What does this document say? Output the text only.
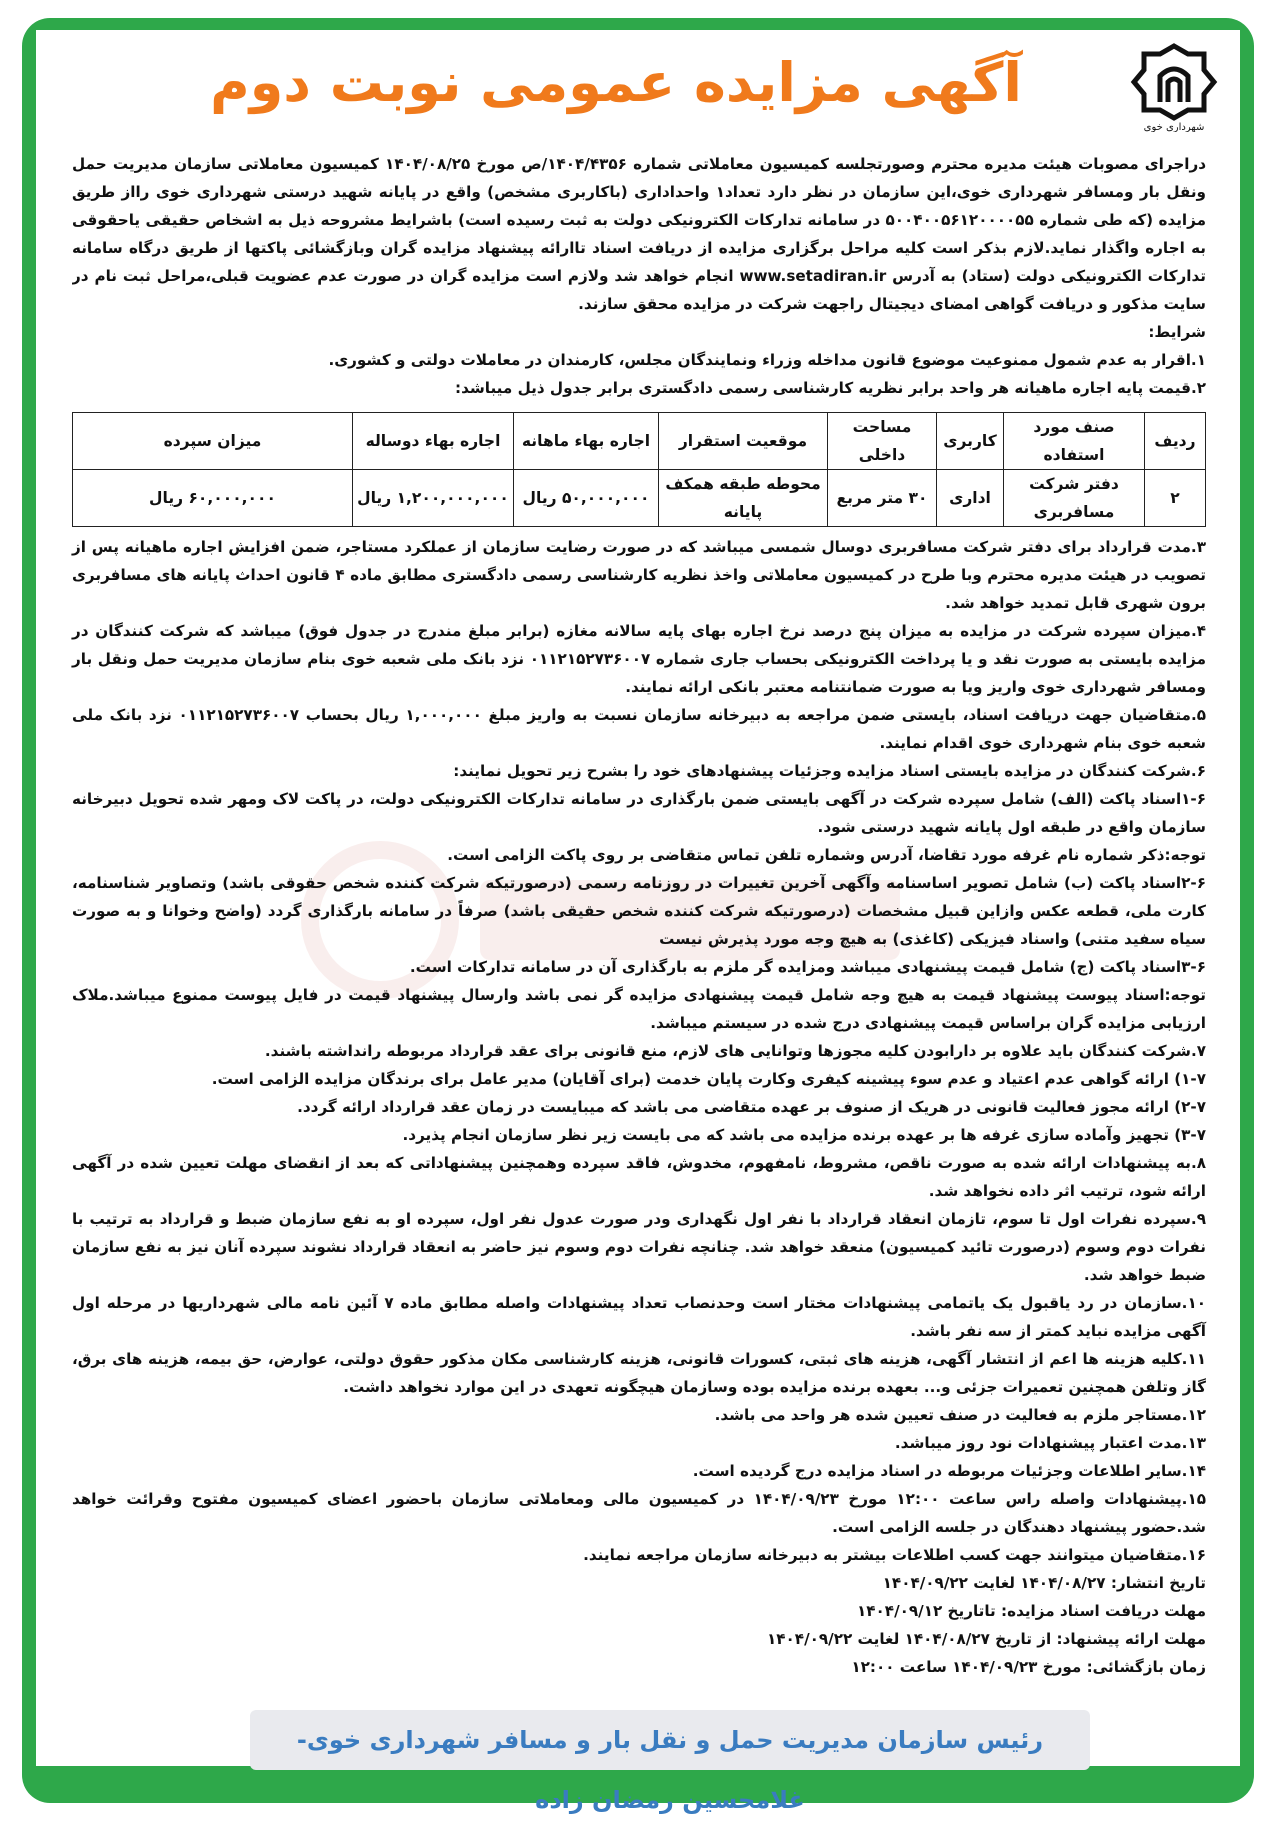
شهرداری خوی
آگهی مزایده عمومی نوبت دوم

دراجرای مصوبات هیئت مدیره محترم وصورتجلسه کمیسیون معاملاتی شماره ۱۴۰۴/۴۳۵۶/ص مورخ ۱۴۰۴/۰۸/۲۵ کمیسیون معاملاتی سازمان مدیریت حمل ونقل بار ومسافر شهرداری خوی،این سازمان در نظر دارد تعداد۱ واحداداری (باکاربری مشخص) واقع در پایانه شهید درستی شهرداری خوی رااز طریق مزایده (که طی شماره ۵۰۰۴۰۰۵۶۱۲۰۰۰۰۵۵ در سامانه تدارکات الکترونیکی دولت به ثبت رسیده است) باشرایط مشروحه ذیل به اشخاص حقیقی یاحقوقی به اجاره واگذار نماید.لازم بذکر است کلیه مراحل برگزاری مزایده از دریافت اسناد تاارائه پیشنهاد مزایده گران وبازگشائی پاکتها از طریق درگاه سامانه تدارکات الکترونیکی دولت (ستاد) به آدرس www.setadiran.ir انجام خواهد شد ولازم است مزایده گران در صورت عدم عضویت قبلی،مراحل ثبت نام در سایت مذکور و دریافت گواهی امضای دیجیتال راجهت شرکت در مزایده محقق سازند.

شرایط:

۱.اقرار به عدم شمول ممنوعیت موضوع قانون مداخله وزراء ونمایندگان مجلس، کارمندان در معاملات دولتی و کشوری.

۲.قیمت پایه اجاره ماهیانه هر واحد برابر نظریه کارشناسی رسمی دادگستری برابر جدول ذیل میباشد:

ردیف	صنف مورد استفاده	کاربری	مساحت داخلی	موقعیت استقرار	اجاره بهاء ماهانه	اجاره بهاء دوساله	میزان سپرده
۲	دفتر شرکت مسافربری	اداری	۳۰ متر مربع	محوطه طبقه همکف پایانه	۵۰,۰۰۰,۰۰۰ ریال	۱,۲۰۰,۰۰۰,۰۰۰ ریال	۶۰,۰۰۰,۰۰۰ ریال

۳.مدت قرارداد برای دفتر شرکت مسافربری دوسال شمسی میباشد که در صورت رضایت سازمان از عملکرد مستاجر، ضمن افزایش اجاره ماهیانه پس از تصویب در هیئت مدیره محترم وبا طرح در کمیسیون معاملاتی واخذ نظریه کارشناسی رسمی دادگستری مطابق ماده ۴ قانون احداث پایانه های مسافربری برون شهری قابل تمدید خواهد شد.

۴.میزان سپرده شرکت در مزایده به میزان پنج درصد نرخ اجاره بهای پایه سالانه مغازه (برابر مبلغ مندرج در جدول فوق) میباشد که شرکت کنندگان در مزایده بایستی به صورت نقد و یا پرداخت الکترونیکی بحساب جاری شماره ۰۱۱۲۱۵۲۷۳۶۰۰۷ نزد بانک ملی شعبه خوی بنام سازمان مدیریت حمل ونقل بار ومسافر شهرداری خوی واریز ویا به صورت ضمانتنامه معتبر بانکی ارائه نمایند.

۵.متقاضیان جهت دریافت اسناد، بایستی ضمن مراجعه به دبیرخانه سازمان نسبت به واریز مبلغ ۱,۰۰۰,۰۰۰ ریال بحساب ۰۱۱۲۱۵۲۷۳۶۰۰۷ نزد بانک ملی شعبه خوی بنام شهرداری خوی اقدام نمایند.

۶.شرکت کنندگان در مزایده بایستی اسناد مزایده وجزئیات پیشنهادهای خود را بشرح زیر تحویل نمایند:

۱-۶اسناد پاکت (الف) شامل سپرده شرکت در آگهی بایستی ضمن بارگذاری در سامانه تدارکات الکترونیکی دولت، در پاکت لاک ومهر شده تحویل دبیرخانه سازمان واقع در طبقه اول پایانه شهید درستی شود.

توجه:ذکر شماره نام غرفه مورد تقاضا، آدرس وشماره تلفن تماس متقاضی بر روی پاکت الزامی است.

۲-۶اسناد پاکت (ب) شامل تصویر اساسنامه وآگهی آخرین تغییرات در روزنامه رسمی (درصورتیکه شرکت کننده شخص حقوقی باشد) وتصاویر شناسنامه، کارت ملی، قطعه عکس وازاین قبیل مشخصات (درصورتیکه شرکت کننده شخص حقیقی باشد) صرفاً در سامانه بارگذاری گردد (واضح وخوانا و به صورت سیاه سفید متنی) واسناد فیزیکی (کاغذی) به هیچ وجه مورد پذیرش نیست

۳-۶اسناد پاکت (ج) شامل قیمت پیشنهادی میباشد ومزایده گر ملزم به بارگذاری آن در سامانه تدارکات است.

توجه:اسناد پیوست پیشنهاد قیمت به هیچ وجه شامل قیمت پیشنهادی مزایده گر نمی باشد وارسال پیشنهاد قیمت در فایل پیوست ممنوع میباشد.ملاک ارزیابی مزایده گران براساس قیمت پیشنهادی درج شده در سیستم میباشد.

۷.شرکت کنندگان باید علاوه بر دارابودن کلیه مجوزها وتوانایی های لازم، منع قانونی برای عقد قرارداد مربوطه رانداشته باشند.

۱-۷) ارائه گواهی عدم اعتیاد و عدم سوء پیشینه کیفری وکارت پایان خدمت (برای آقایان) مدیر عامل برای برندگان مزایده الزامی است.

۲-۷) ارائه مجوز فعالیت قانونی در هریک از صنوف بر عهده متقاضی می باشد که میبایست در زمان عقد قرارداد ارائه گردد.

۳-۷) تجهیز وآماده سازی غرفه ها بر عهده برنده مزایده می باشد که می بایست زیر نظر سازمان انجام پذیرد.

۸.به پیشنهادات ارائه شده به صورت ناقص، مشروط، نامفهوم، مخدوش، فاقد سپرده وهمچنین پیشنهاداتی که بعد از انقضای مهلت تعیین شده در آگهی ارائه شود، ترتیب اثر داده نخواهد شد.

۹.سپرده نفرات اول تا سوم، تازمان انعقاد قرارداد با نفر اول نگهداری ودر صورت عدول نفر اول، سپرده او به نفع سازمان ضبط و قرارداد به ترتیب با نفرات دوم وسوم (درصورت تائید کمیسیون) منعقد خواهد شد. چنانچه نفرات دوم وسوم نیز حاضر به انعقاد قرارداد نشوند سپرده آنان نیز به نفع سازمان ضبط خواهد شد.

۱۰.سازمان در رد یاقبول یک یاتمامی پیشنهادات مختار است وحدنصاب تعداد پیشنهادات واصله مطابق ماده ۷ آئین نامه مالی شهرداریها در مرحله اول آگهی مزایده نباید کمتر از سه نفر باشد.

۱۱.کلیه هزینه ها اعم از انتشار آگهی، هزینه های ثبتی، کسورات قانونی، هزینه کارشناسی مکان مذکور حقوق دولتی، عوارض، حق بیمه، هزینه های برق، گاز وتلفن همچنین تعمیرات جزئی و... بعهده برنده مزایده بوده وسازمان هیچگونه تعهدی در این موارد نخواهد داشت.

۱۲.مستاجر ملزم به فعالیت در صنف تعیین شده هر واحد می باشد.

۱۳.مدت اعتبار پیشنهادات نود روز میباشد.

۱۴.سایر اطلاعات وجزئیات مربوطه در اسناد مزایده درج گردیده است.

۱۵.پیشنهادات واصله راس ساعت ۱۲:۰۰ مورخ ۱۴۰۴/۰۹/۲۳ در کمیسیون مالی ومعاملاتی سازمان باحضور اعضای کمیسیون مفتوح وقرائت خواهد شد.حضور پیشنهاد دهندگان در جلسه الزامی است.

۱۶.متقاضیان میتوانند جهت کسب اطلاعات بیشتر به دبیرخانه سازمان مراجعه نمایند.

تاریخ انتشار: ۱۴۰۴/۰۸/۲۷ لغایت ۱۴۰۴/۰۹/۲۲

مهلت دریافت اسناد مزایده: تاتاریخ ۱۴۰۴/۰۹/۱۲

مهلت ارائه پیشنهاد: از تاریخ ۱۴۰۴/۰۸/۲۷ لغایت ۱۴۰۴/۰۹/۲۲

زمان بازگشائی: مورخ ۱۴۰۴/۰۹/۲۳ ساعت ۱۲:۰۰

رئیس سازمان مدیریت حمل و نقل بار و مسافر شهرداری خوی- غلامحسین رمضان زاده
